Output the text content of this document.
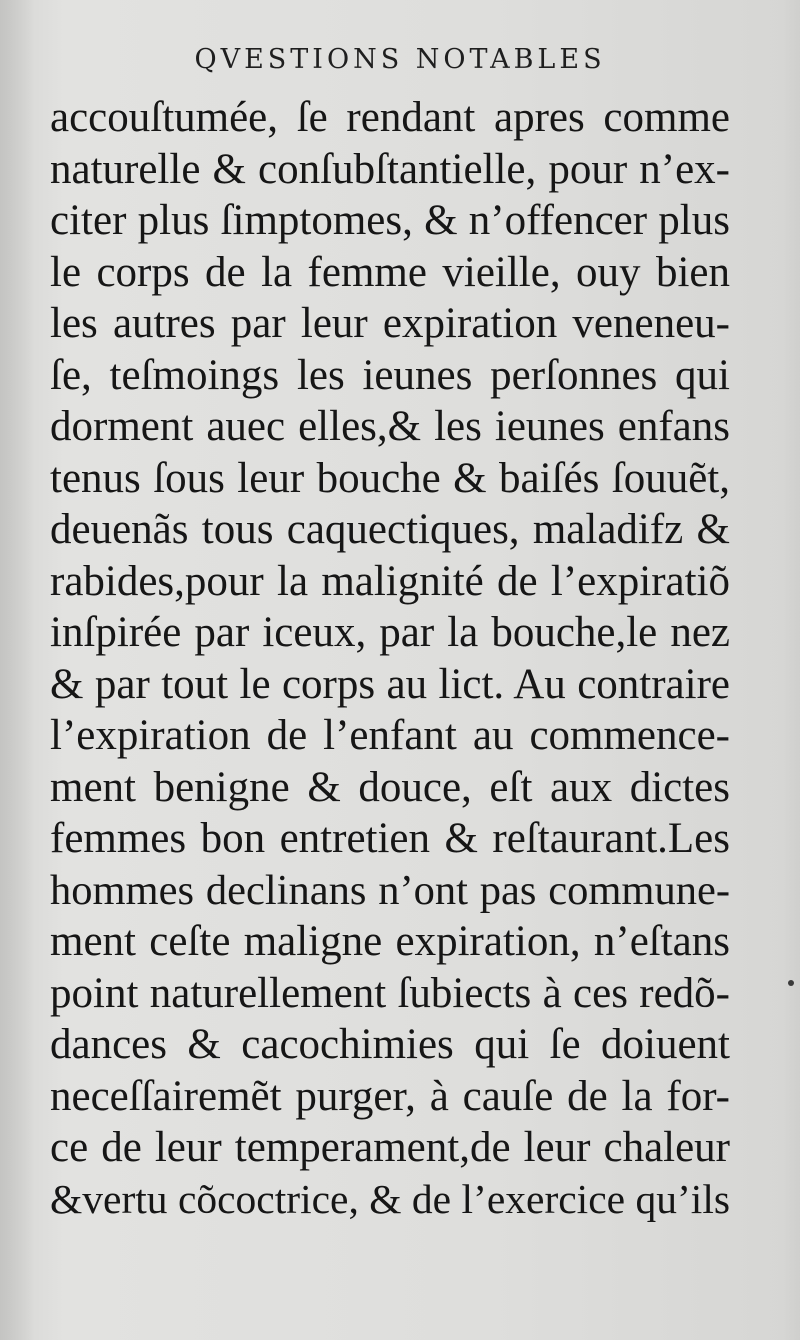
QVESTIONS NOTABLES
accouſtumée, ſe rendant apres comme
naturelle & conſubſtantielle, pour n’ex-
citer plus ſimptomes, & n’offencer plus
le corps de la femme vieille, ouy bien
les autres par leur expiration veneneu-
ſe, teſmoings les ieunes perſonnes qui
dorment auec elles,& les ieunes enfans
tenus ſous leur bouche & baiſés ſouuẽt,
deuenãs tous caquectiques, maladifz &
rabides,pour la malignité de l’expiratiõ
inſpirée par iceux, par la bouche,le nez
& par tout le corps au lict. Au contraire
l’expiration de l’enfant au commence-
ment benigne & douce, eſt aux dictes
femmes bon entretien & reſtaurant.Les
hommes declinans n’ont pas commune-
ment ceſte maligne expiration, n’eſtans
point naturellement ſubiects à ces redõ-
dances & cacochimies qui ſe doiuent
neceſſairemẽt purger, à cauſe de la for-
ce de leur temperament,de leur chaleur
&vertu cõcoctrice, & de l’exercice qu’ils
